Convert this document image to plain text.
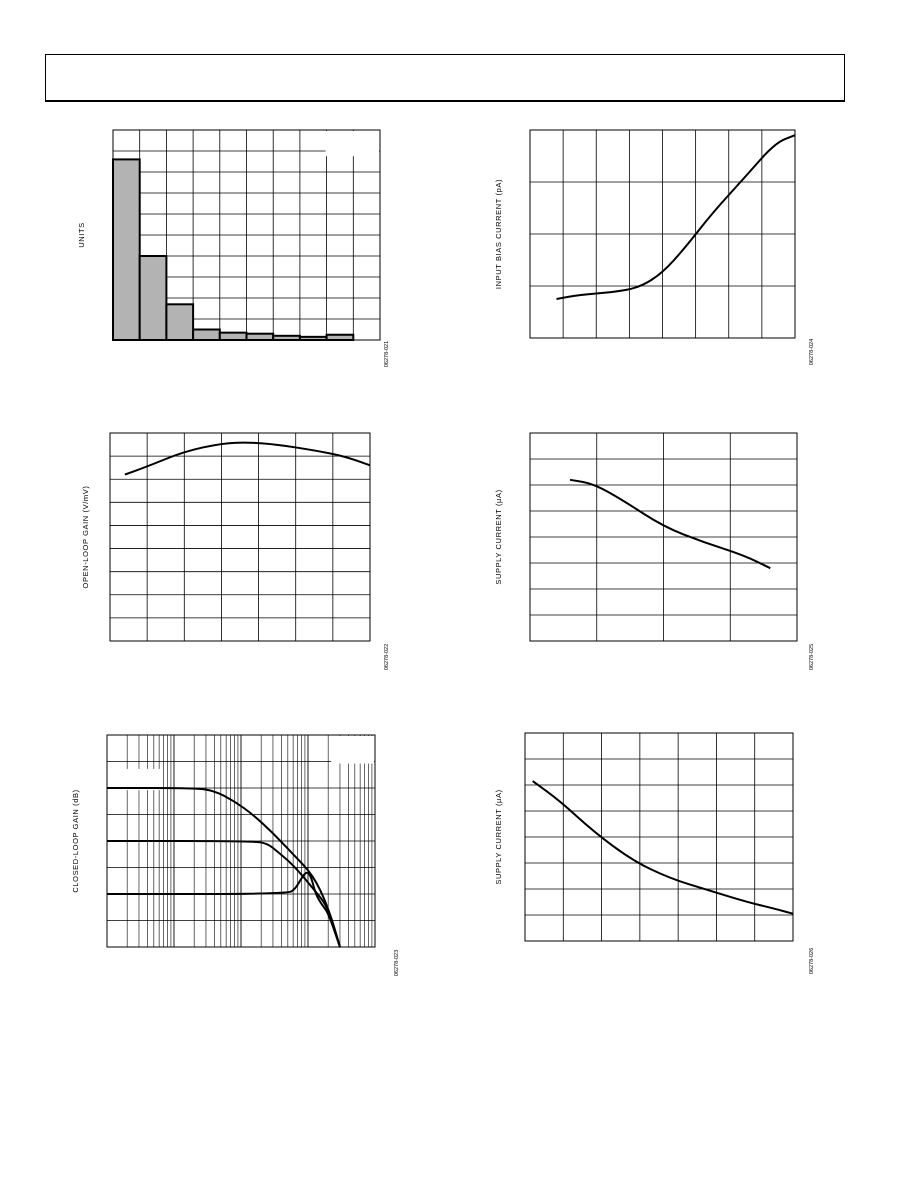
UNITS
06278-021
INPUT BIAS CURRENT (pA)
06278-024
OPEN-LOOP GAIN (V/mV)
06278-022
SUPPLY CURRENT (µA)
06278-025
CLOSED-LOOP GAIN (dB)
06278-023
SUPPLY CURRENT (µA)
06278-026
